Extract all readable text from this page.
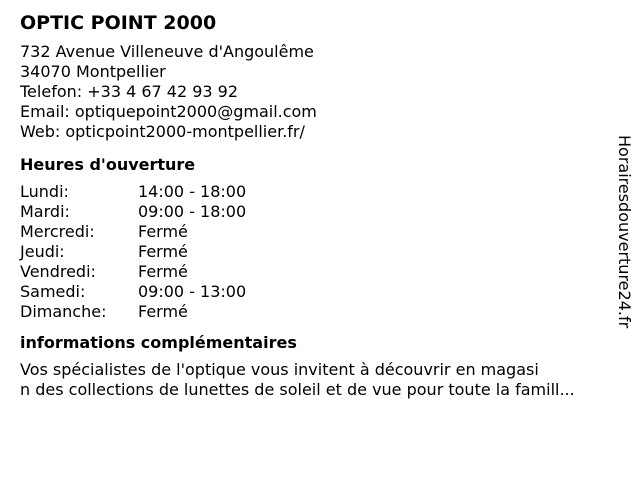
OPTIC POINT 2000
732 Avenue Villeneuve d'Angoulême
34070 Montpellier
Telefon: +33 4 67 42 93 92
Email: optiquepoint2000@gmail.com
Web: opticpoint2000-montpellier.fr/
Heures d'ouverture
Lundi:	14:00 - 18:00
Mardi:	09:00 - 18:00
Mercredi:	Fermé
Jeudi:	Fermé
Vendredi:	Fermé
Samedi:	09:00 - 13:00
Dimanche: Fermé
informations complémentaires
Vos spécialistes de l'optique vous invitent à découvrir en magasi
n des collections de lunettes de soleil et de vue pour toute la famill...
Horairesdouverture24.fr
